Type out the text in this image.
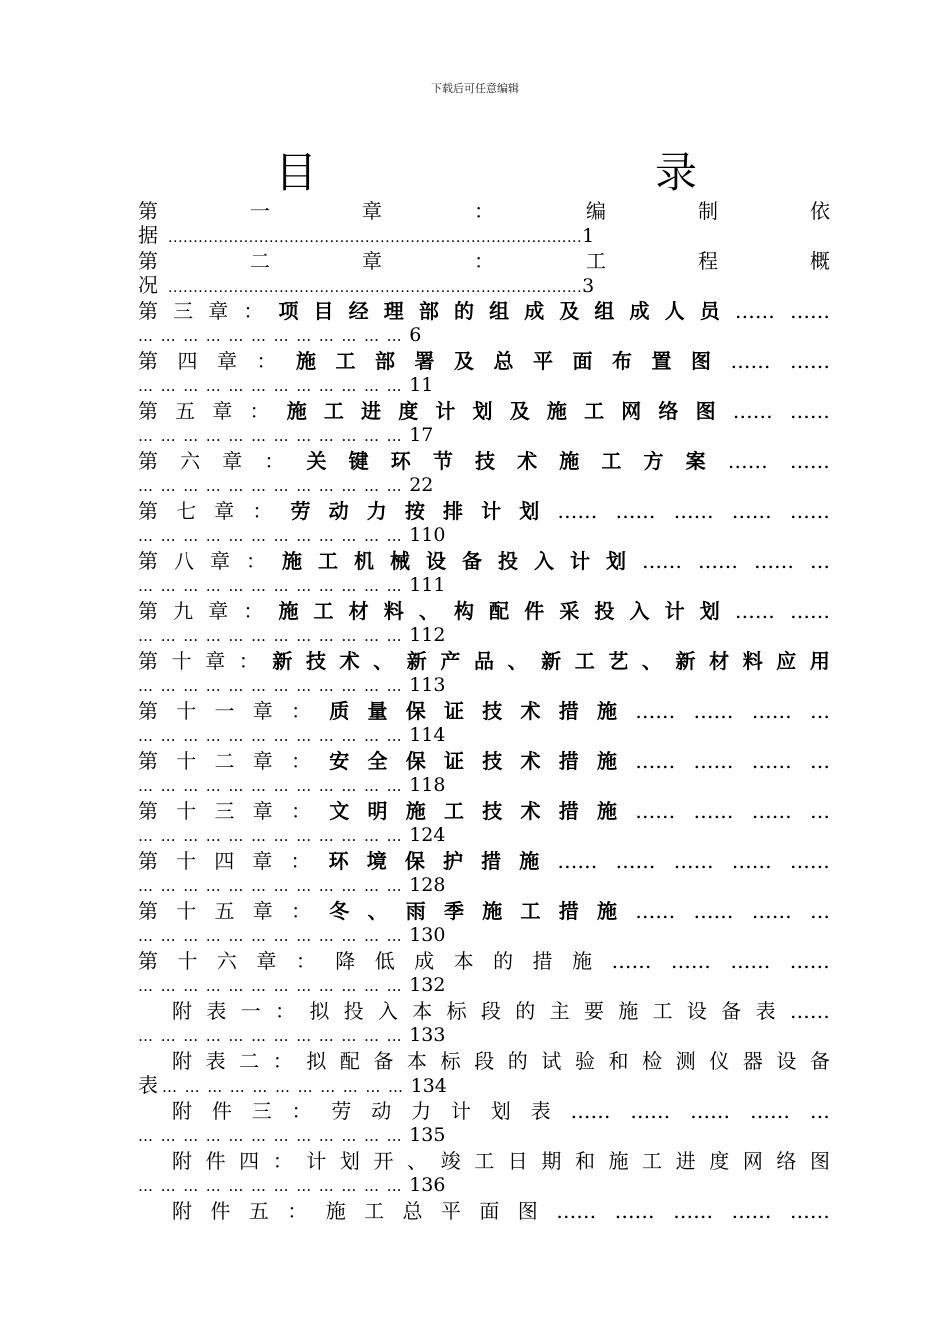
下载后可任意编辑
目	录
第	一	章	：	编	制	依
据 ..................................................................................1
第	二	章	：	工	程	概
况 ..................................................................................3
第 三 章 ： 项 目 经 理 部 的 组 成 及 组 成 人 员 …… ……
………………………………6
第 四 章 ： 施 工 部 署 及 总 平 面 布 置 图 …… ……
………………………………11
第 五 章 ： 施 工 进 度 计 划 及 施 工 网 络 图 …… ……
………………………………17
第 六 章 ： 关 键 环 节 技 术 施 工 方 案 …… ……
………………………………22
第 七 章 ： 劳 动 力 按 排 计 划 …… …… …… …… ……
………………………………110
第 八 章 ： 施 工 机 械 设 备 投 入 计 划 …… …… …… …
………………………………111
第 九 章 ： 施 工 材 料 、 构 配 件 采 投 入 计 划 …… ……
………………………………112
第 十 章 ： 新 技 术 、 新 产 品 、 新 工 艺 、 新 材 料 应 用
………………………………113
第 十 一 章 ： 质 量 保 证 技 术 措 施 …… …… …… …
………………………………114
第 十 二 章 ： 安 全 保 证 技 术 措 施 …… …… …… …
………………………………118
第 十 三 章 ： 文 明 施 工 技 术 措 施 …… …… …… …
………………………………124
第 十 四 章 ： 环 境 保 护 措 施 …… …… …… …… ……
………………………………128
第 十 五 章 ： 冬 、 雨 季 施 工 措 施 …… …… …… …
………………………………130
第 十 六 章 ： 降 低 成 本 的 措 施 …… …… …… ……
………………………………132
附 表 一 ： 拟 投 入 本 标 段 的 主 要 施 工 设 备 表 ……
………………………………133
附 表 二 ： 拟 配 备 本 标 段 的 试 验 和 检 测 仪 器 设 备
表 ……………………………134
附 件 三 ： 劳 动 力 计 划 表 …… …… …… …… …
………………………………135
附 件 四 ： 计 划 开 、 竣 工 日 期 和 施 工 进 度 网 络 图
………………………………136
附 件 五 ： 施 工 总 平 面 图 …… …… …… …… ……
